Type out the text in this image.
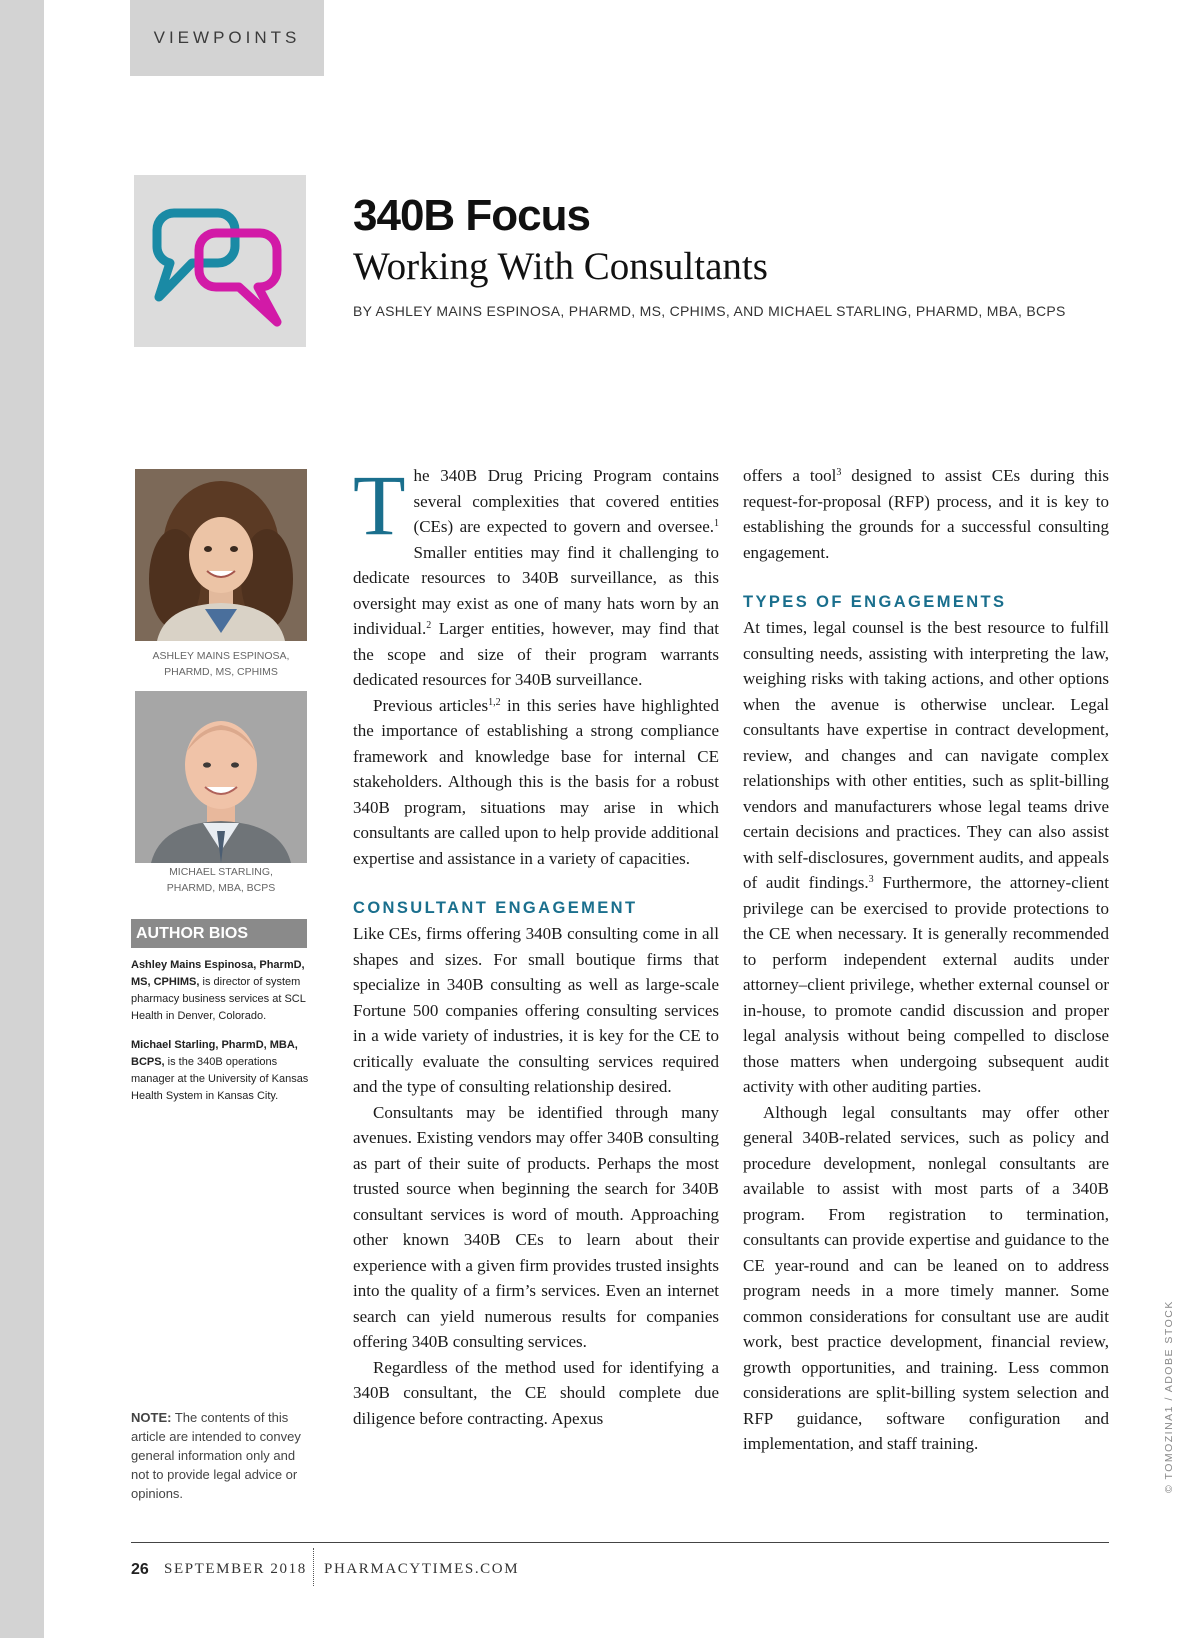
VIEWPOINTS
340B Focus
Working With Consultants
BY ASHLEY MAINS ESPINOSA, PHARMD, MS, CPHIMS, AND MICHAEL STARLING, PHARMD, MBA, BCPS
ASHLEY MAINS ESPINOSA,
PHARMD, MS, CPHIMS
MICHAEL STARLING,
PHARMD, MBA, BCPS
AUTHOR BIOS
Ashley Mains Espinosa, PharmD, MS, CPHIMS, is director of system pharmacy business services at SCL Health in Denver, Colorado.
Michael Starling, PharmD, MBA, BCPS, is the 340B operations manager at the University of Kansas Health System in Kansas City.
NOTE: The contents of this article are intended to convey general information only and not to provide legal advice or opinions.

The 340B Drug Pricing Program contains several complexities that covered entities (CEs) are expected to govern and oversee.$^1$ Smaller entities may find it challenging to dedicate resources to 340B surveillance, as this oversight may exist as one of many hats worn by an individual.$^2$ Larger entities, however, may find that the scope and size of their program warrants dedicated resources for 340B surveillance.

Previous articles$^{1,2}$ in this series have highlighted the importance of establishing a strong compliance framework and knowledge base for internal CE stakeholders. Although this is the basis for a robust 340B program, situations may arise in which consultants are called upon to help provide additional expertise and assistance in a variety of capacities.

CONSULTANT ENGAGEMENT

Like CEs, firms offering 340B consulting come in all shapes and sizes. For small boutique firms that specialize in 340B consulting as well as large-scale Fortune 500 companies offering consulting services in a wide variety of industries, it is key for the CE to critically evaluate the consulting services required and the type of consulting relationship desired.

Consultants may be identified through many avenues. Existing vendors may offer 340B consulting as part of their suite of products. Perhaps the most trusted source when beginning the search for 340B consultant services is word of mouth. Approaching other known 340B CEs to learn about their experience with a given firm provides trusted insights into the quality of a firm’s services. Even an internet search can yield numerous results for companies offering 340B consulting services.

Regardless of the method used for identifying a 340B consultant, the CE should complete due diligence before contracting. Apexus

offers a tool$^3$ designed to assist CEs during this request-for-proposal (RFP) process, and it is key to establishing the grounds for a successful consulting engagement.

TYPES OF ENGAGEMENTS

At times, legal counsel is the best resource to fulfill consulting needs, assisting with interpreting the law, weighing risks with taking actions, and other options when the avenue is otherwise unclear. Legal consultants have expertise in contract development, review, and changes and can navigate complex relationships with other entities, such as split-billing vendors and manufacturers whose legal teams drive certain decisions and practices. They can also assist with self-disclosures, government audits, and appeals of audit findings.$^3$ Furthermore, the attorney-client privilege can be exercised to provide protections to the CE when necessary. It is generally recommended to perform independent external audits under attorney–client privilege, whether external counsel or in-house, to promote candid discussion and proper legal analysis without being compelled to disclose those matters when undergoing subsequent audit activity with other auditing parties.

Although legal consultants may offer other general 340B-related services, such as policy and procedure development, nonlegal consultants are available to assist with most parts of a 340B program. From registration to termination, consultants can provide expertise and guidance to the CE year-round and can be leaned on to address program needs in a more timely manner. Some common considerations for consultant use are audit work, best practice development, financial review, growth opportunities, and training. Less common considerations are split-billing system selection and RFP guidance, software configuration and implementation, and staff training.	© TOMOZINA1 / ADOBE STOCK
26 SEPTEMBER 2018 PHARMACYTIMES.COM
